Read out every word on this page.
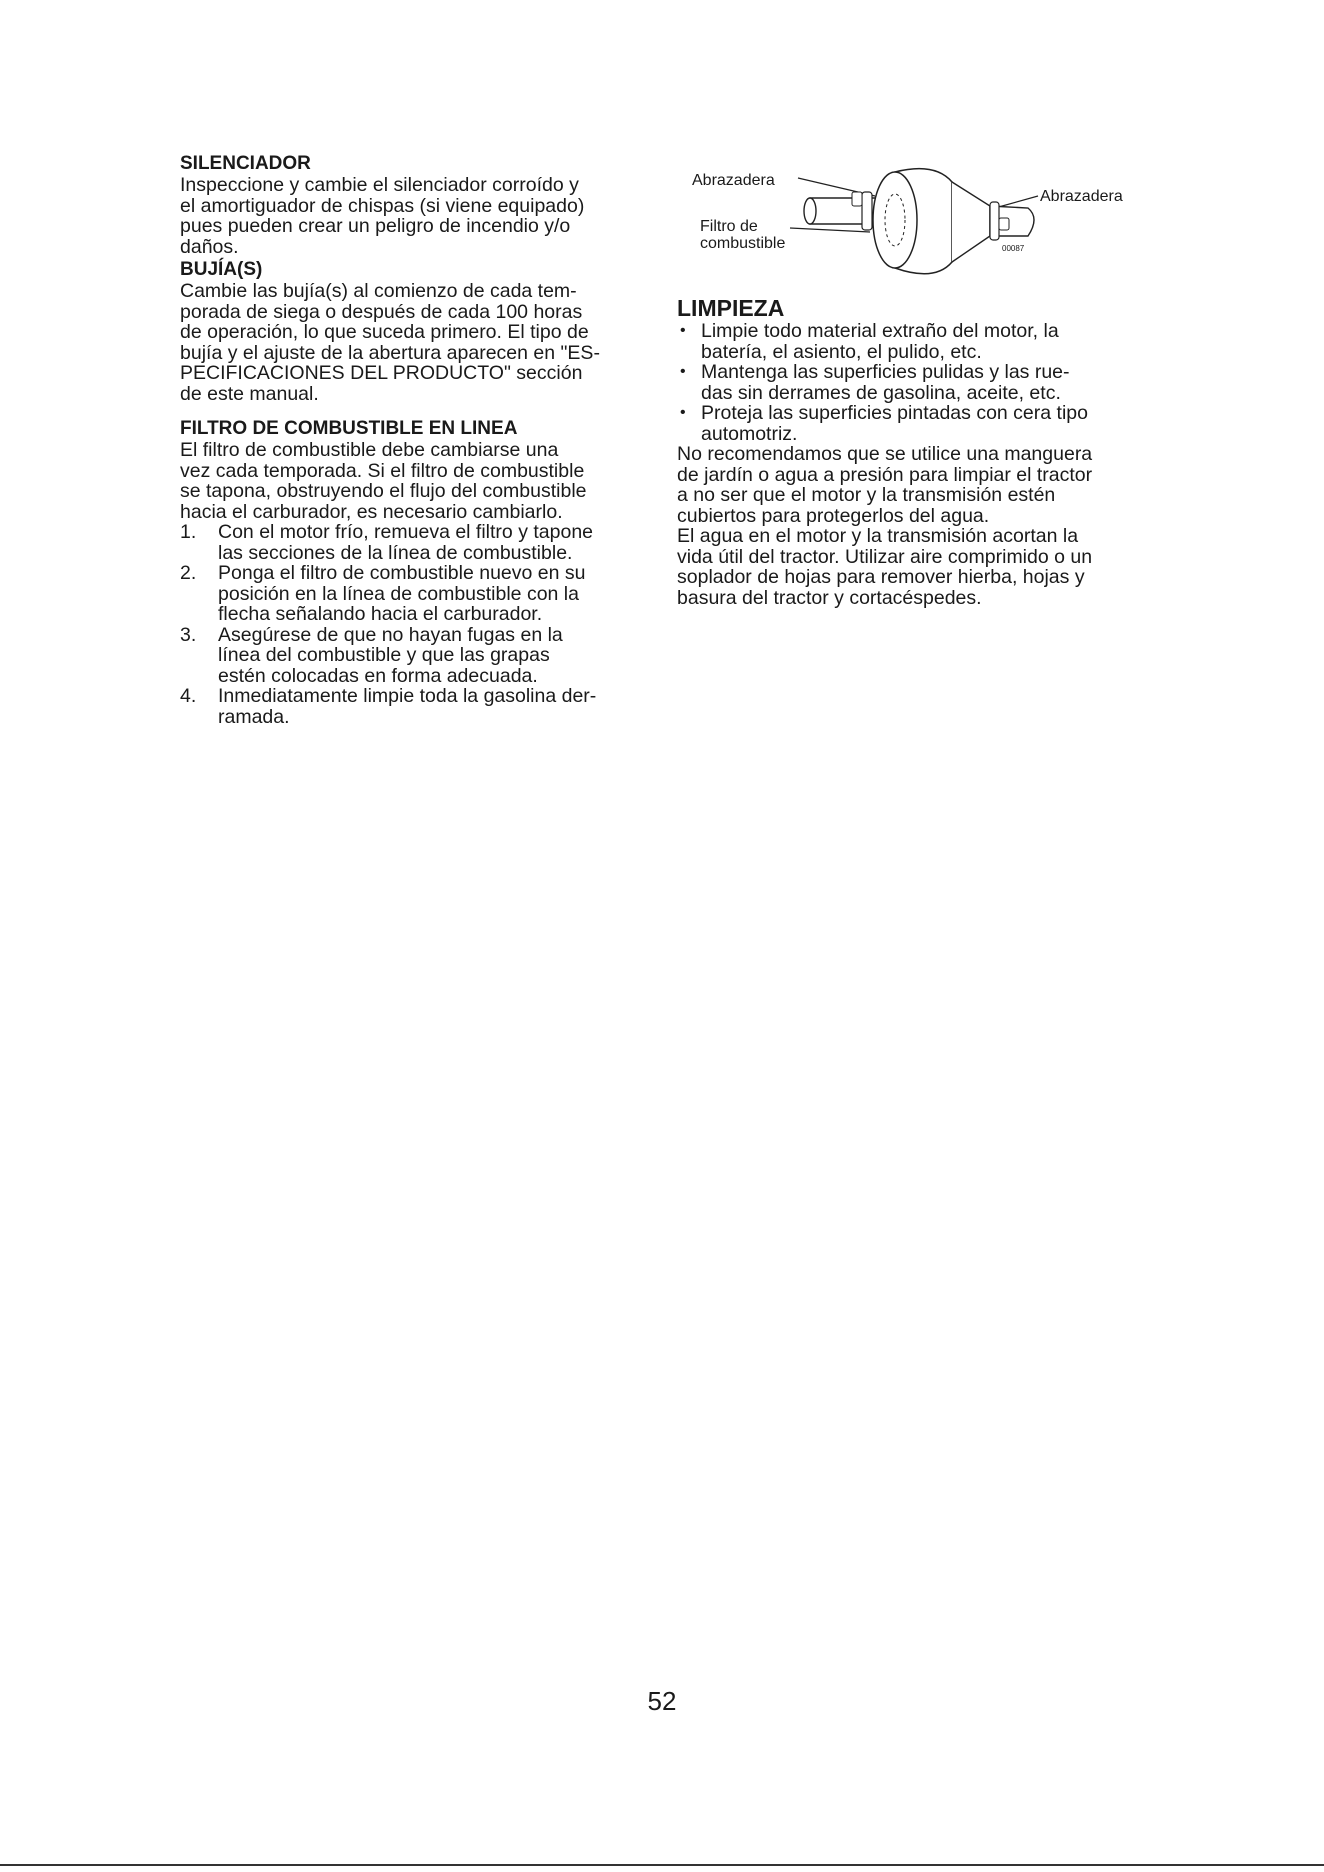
SILENCIADOR

Inspeccione y cambie el silenciador corroído y
el amortiguador de chispas (si viene equipado)
pues pueden crear un peligro de incendio y/o
daños.

BUJÍA(S)

Cambie las bujía(s) al comienzo de cada tem-
porada de siega o después de cada 100 horas
de operación, lo que suceda primero. El tipo de
bujía y el ajuste de la abertura aparecen en "ES-
PECIFICACIONES DEL PRODUCTO" sección
de este manual.

FILTRO DE COMBUSTIBLE EN LINEA

El filtro de combustible debe cambiarse una
vez cada temporada. Si el filtro de combustible
se tapona, obstruyendo el flujo del combustible
hacia el carburador, es necesario cambiarlo.

1. Con el motor frío, remueva el filtro y tapone
las secciones de la línea de combustible.
2. Ponga el filtro de combustible nuevo en su
posición en la línea de combustible con la
flecha señalando hacia el carburador.
3. Asegúrese de que no hayan fugas en la
línea del combustible y que las grapas
estén colocadas en forma adecuada.
4. Inmediatamente limpie toda la gasolina der-
ramada.
Abrazadera
Filtro de
combustible
Abrazadera
00087
LIMPIEZA
• Limpie todo material extraño del motor, la
batería, el asiento, el pulido, etc.
• Mantenga las superficies pulidas y las rue-
das sin derrames de gasolina, aceite, etc.
• Proteja las superficies pintadas con cera tipo
automotriz.

No recomendamos que se utilice una manguera
de jardín o agua a presión para limpiar el tractor
a no ser que el motor y la transmisión estén
cubiertos para protegerlos del agua.

El agua en el motor y la transmisión acortan la
vida útil del tractor. Utilizar aire comprimido o un
soplador de hojas para remover hierba, hojas y
basura del tractor y cortacéspedes.

52
